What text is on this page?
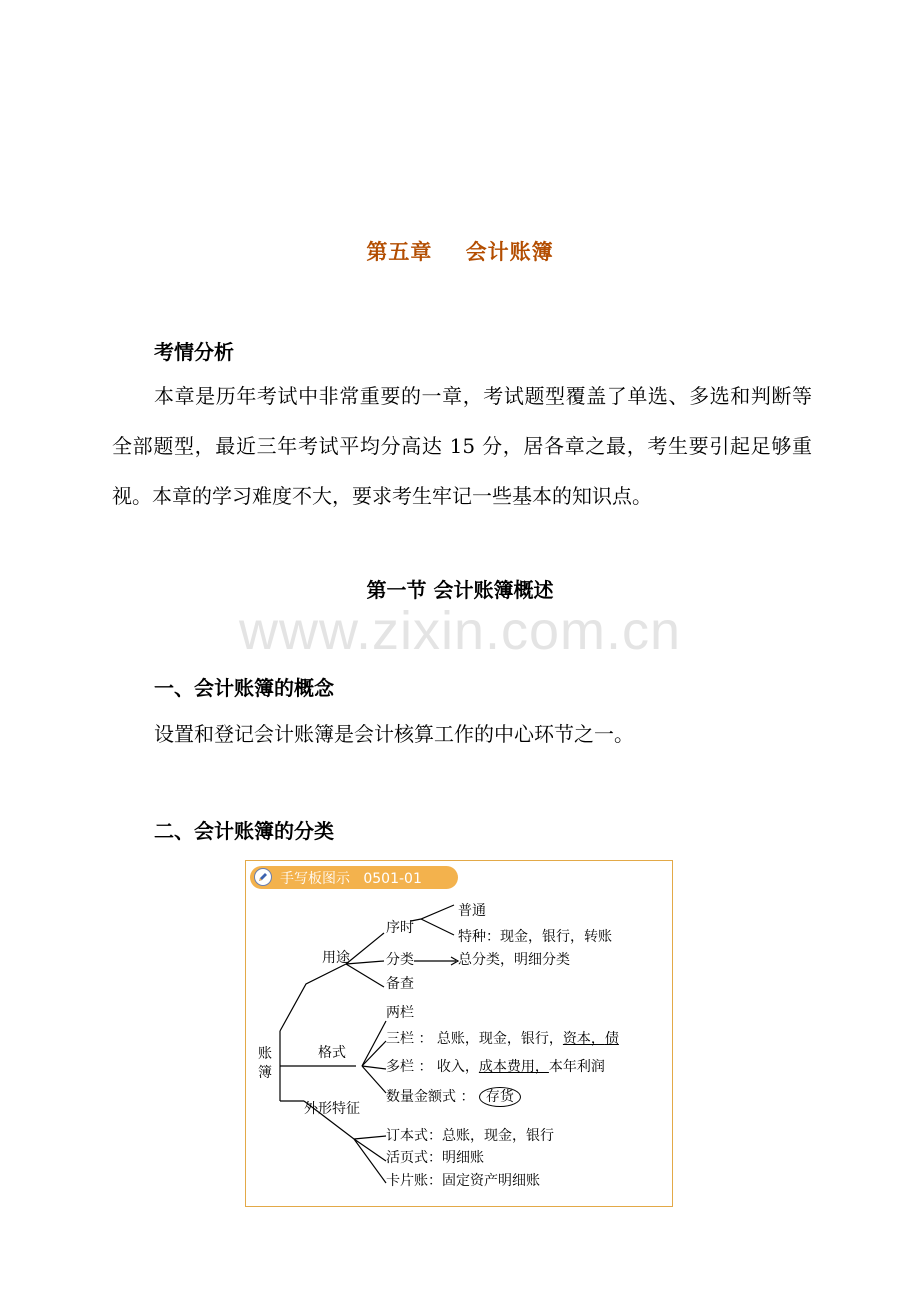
第五章    会计账簿
考情分析
本章是历年考试中非常重要的一章，考试题型覆盖了单选、多选和判断等全部题型，最近三年考试平均分高达 15 分，居各章之最，考生要引起足够重视。本章的学习难度不大，要求考生牢记一些基本的知识点。
www.zixin.com.cn
第一节 会计账簿概述
一、会计账簿的概念
设置和登记会计账簿是会计核算工作的中心环节之一。
二、会计账簿的分类
手写板图示   0501-01
账
簿
用途
序时
普通
特种：现金，银行，转账
分类	总分类，明细分类
备查
格式
两栏
三栏 ： 总账，现金，银行，资本，债
多栏 ： 收入，成本费用，本年利润
数量金额式 ： 存货
外形特征
订本式：总账，现金，银行
活页式：明细账
卡片账：固定资产明细账
